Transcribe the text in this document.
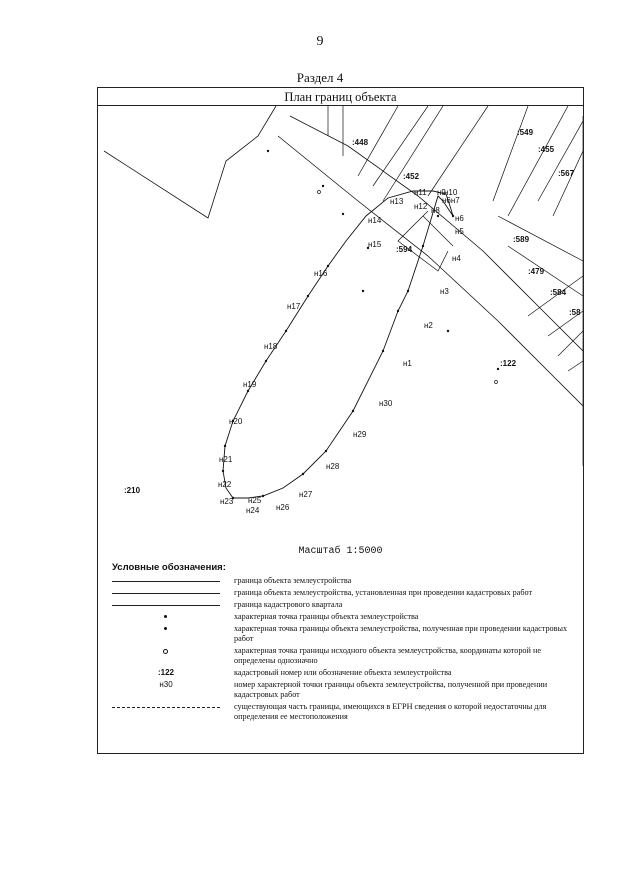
9
Раздел 4
План границ объекта
:448
:549
:455
:567
:452
:594
:589
:479
:584
:58
:122
:210
н1
н2
н3
н4
н5
н6
н6н7
н8
н9
н10
н11
н12
н13
н14
н15
н16
н17
н18
н19
н20
н21
н22
н23
н24
н25
н26
н27
н28
н29
н30
Масштаб 1:5000
Условные обозначения:
граница объекта землеустройства
граница объекта землеустройства, установленная при проведении кадастровых работ
граница кадастрового квартала
характерная точка границы объекта землеустройства
характерная точка границы объекта землеустройства, полученная при проведении кадастровых работ
характерная точка границы исходного объекта землеустройства, координаты которой не определены однозначно
:122	кадастровый номер или обозначение объекта землеустройства
н30	номер характерной точки границы объекта землеустройства, полученной при проведении кадастровых работ
существующая часть границы, имеющихся в ЕГРН сведения о которой недостаточны для определения ее местоположения
